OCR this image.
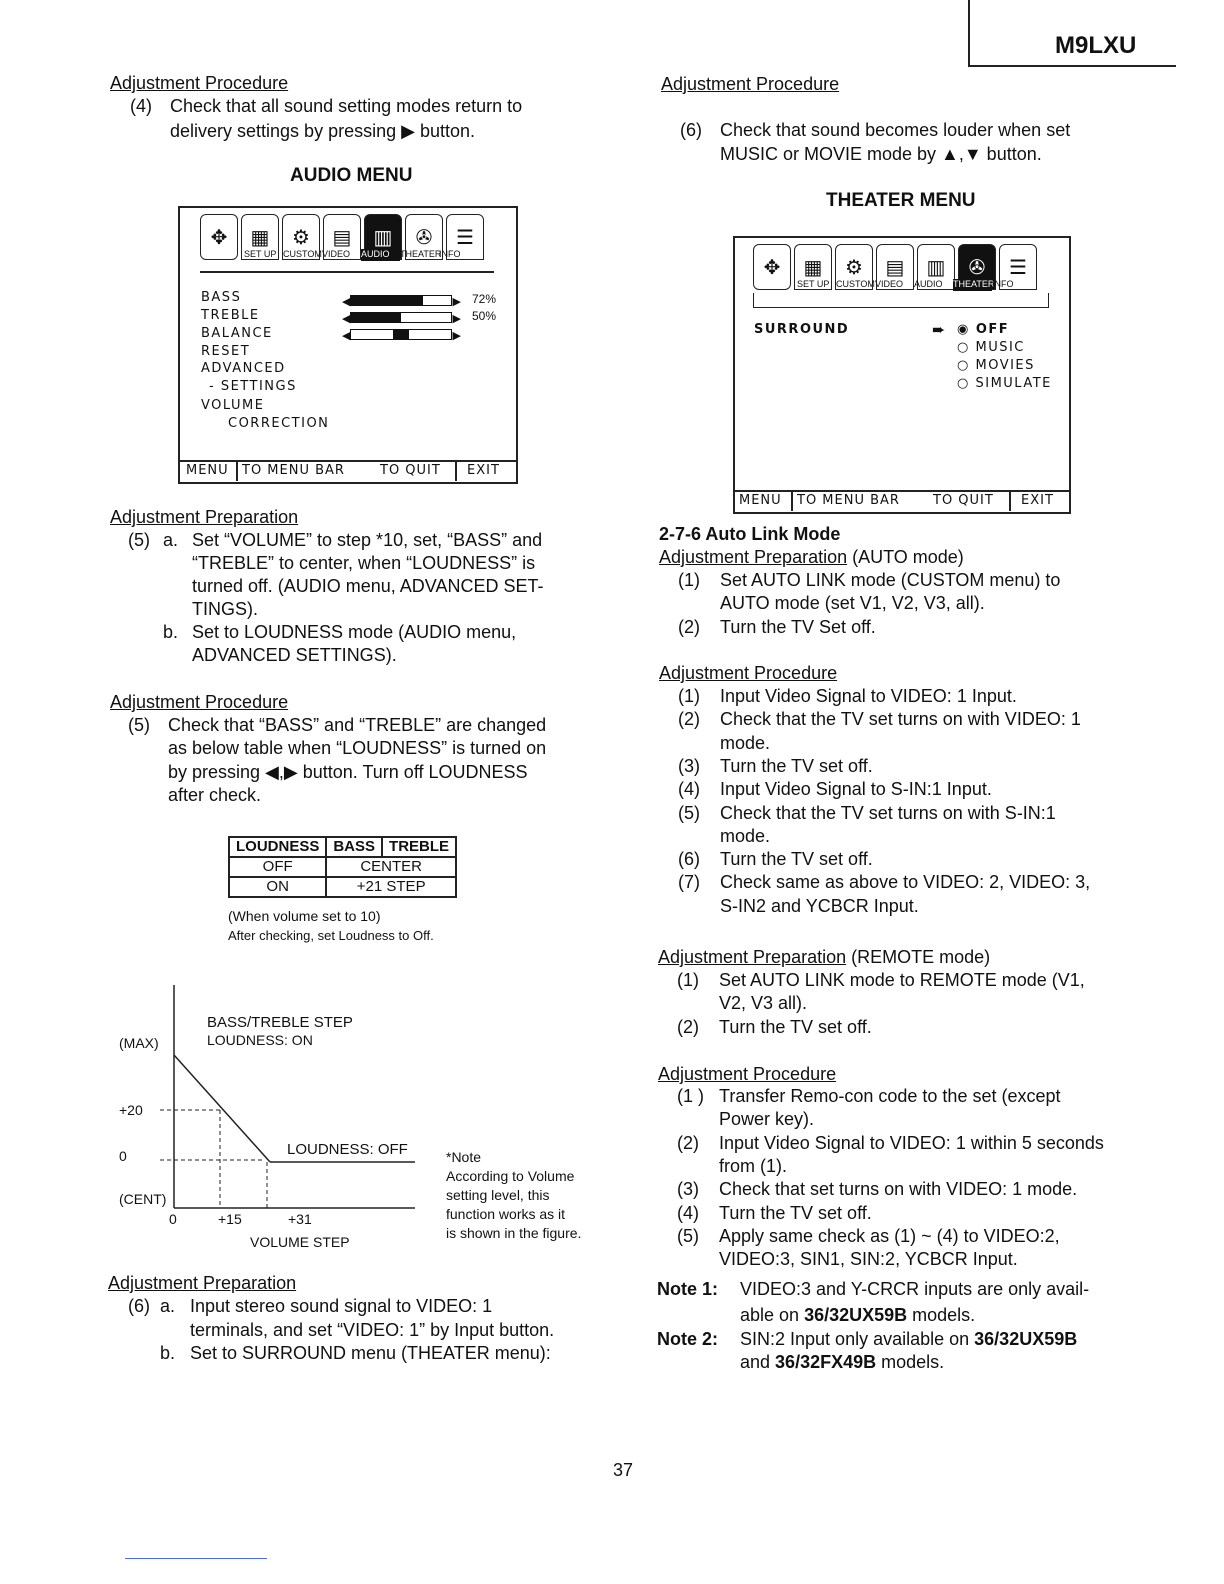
M9LXU
Adjustment Procedure
(4) Check that all sound setting modes return to
delivery settings by pressing ▶ button.
AUDIO MENU
✥	▦	⚙	▤	▥	✇	☰
SET UP CUSTOM VIDEO	AUDIO	THEATER
INFO
BASS
TREBLE
BALANCE
RESET
ADVANCED
- SETTINGS
VOLUME
CORRECTION
◀	▶ 72%
◀	▶ 50%
◀	▶
MENU TO MENU BAR	TO QUIT EXIT
Adjustment Preparation
(5) a. Set “VOLUME” to step *10, set, “BASS” and
“TREBLE” to center, when “LOUDNESS” is
turned off. (AUDIO menu, ADVANCED SET-
TINGS).
b. Set to LOUDNESS mode (AUDIO menu,
ADVANCED SETTINGS).
Adjustment Procedure
(5) Check that “BASS” and “TREBLE” are changed
as below table when “LOUDNESS” is turned on
by pressing ◀,▶ button. Turn off LOUDNESS
after check.
LOUDNESS	BASS	TREBLE
OFF	CENTER	
ON	+21 STEP	
(When volume set to 10)
After checking, set Loudness to Off.
BASS/TREBLE STEP
LOUDNESS: ON
(MAX)
+20
0
(CENT)
LOUDNESS: OFF
0	+15	+31
VOLUME STEP
*Note
According to Volume
setting level, this
function works as it
is shown in the figure.
Adjustment Preparation
(6) a. Input stereo sound signal to VIDEO: 1
terminals, and set “VIDEO: 1” by Input button.
b. Set to SURROUND menu (THEATER menu):
Adjustment Procedure
(6) Check that sound becomes louder when set
MUSIC or MOVIE mode by ▲,▼ button.
THEATER MENU
✥	▦	⚙	▤	▥	✇	☰
SET UP CUSTOM VIDEO	AUDIO	THEATER
INFO
SURROUND	➨ ◉ OFF
○ MUSIC
○ MOVIES
○ SIMULATE
MENU TO MENU BAR	TO QUIT EXIT
2-7-6 Auto Link Mode
Adjustment Preparation (AUTO mode)
(1) Set AUTO LINK mode (CUSTOM menu) to
AUTO mode (set V1, V2, V3, all).
(2) Turn the TV Set off.
Adjustment Procedure
(1) Input Video Signal to VIDEO: 1 Input.
(2) Check that the TV set turns on with VIDEO: 1
mode.
(3) Turn the TV set off.
(4) Input Video Signal to S-IN:1 Input.
(5) Check that the TV set turns on with S-IN:1
mode.
(6) Turn the TV set off.
(7) Check same as above to VIDEO: 2, VIDEO: 3,
S-IN2 and YCBCR Input.
Adjustment Preparation (REMOTE mode)
(1) Set AUTO LINK mode to REMOTE mode (V1,
V2, V3 all).
(2) Turn the TV set off.
Adjustment Procedure
(1 ) Transfer Remo-con code to the set (except
Power key).
(2) Input Video Signal to VIDEO: 1 within 5 seconds
from (1).
(3) Check that set turns on with VIDEO: 1 mode.
(4) Turn the TV set off.
(5) Apply same check as (1) ~ (4) to VIDEO:2,
VIDEO:3, SIN1, SIN:2, YCBCR Input.
Note 1: VIDEO:3 and Y-CRCR inputs are only avail-
able on 36/32UX59B models.
Note 2: SIN:2 Input only available on 36/32UX59B
and 36/32FX49B models.
37
